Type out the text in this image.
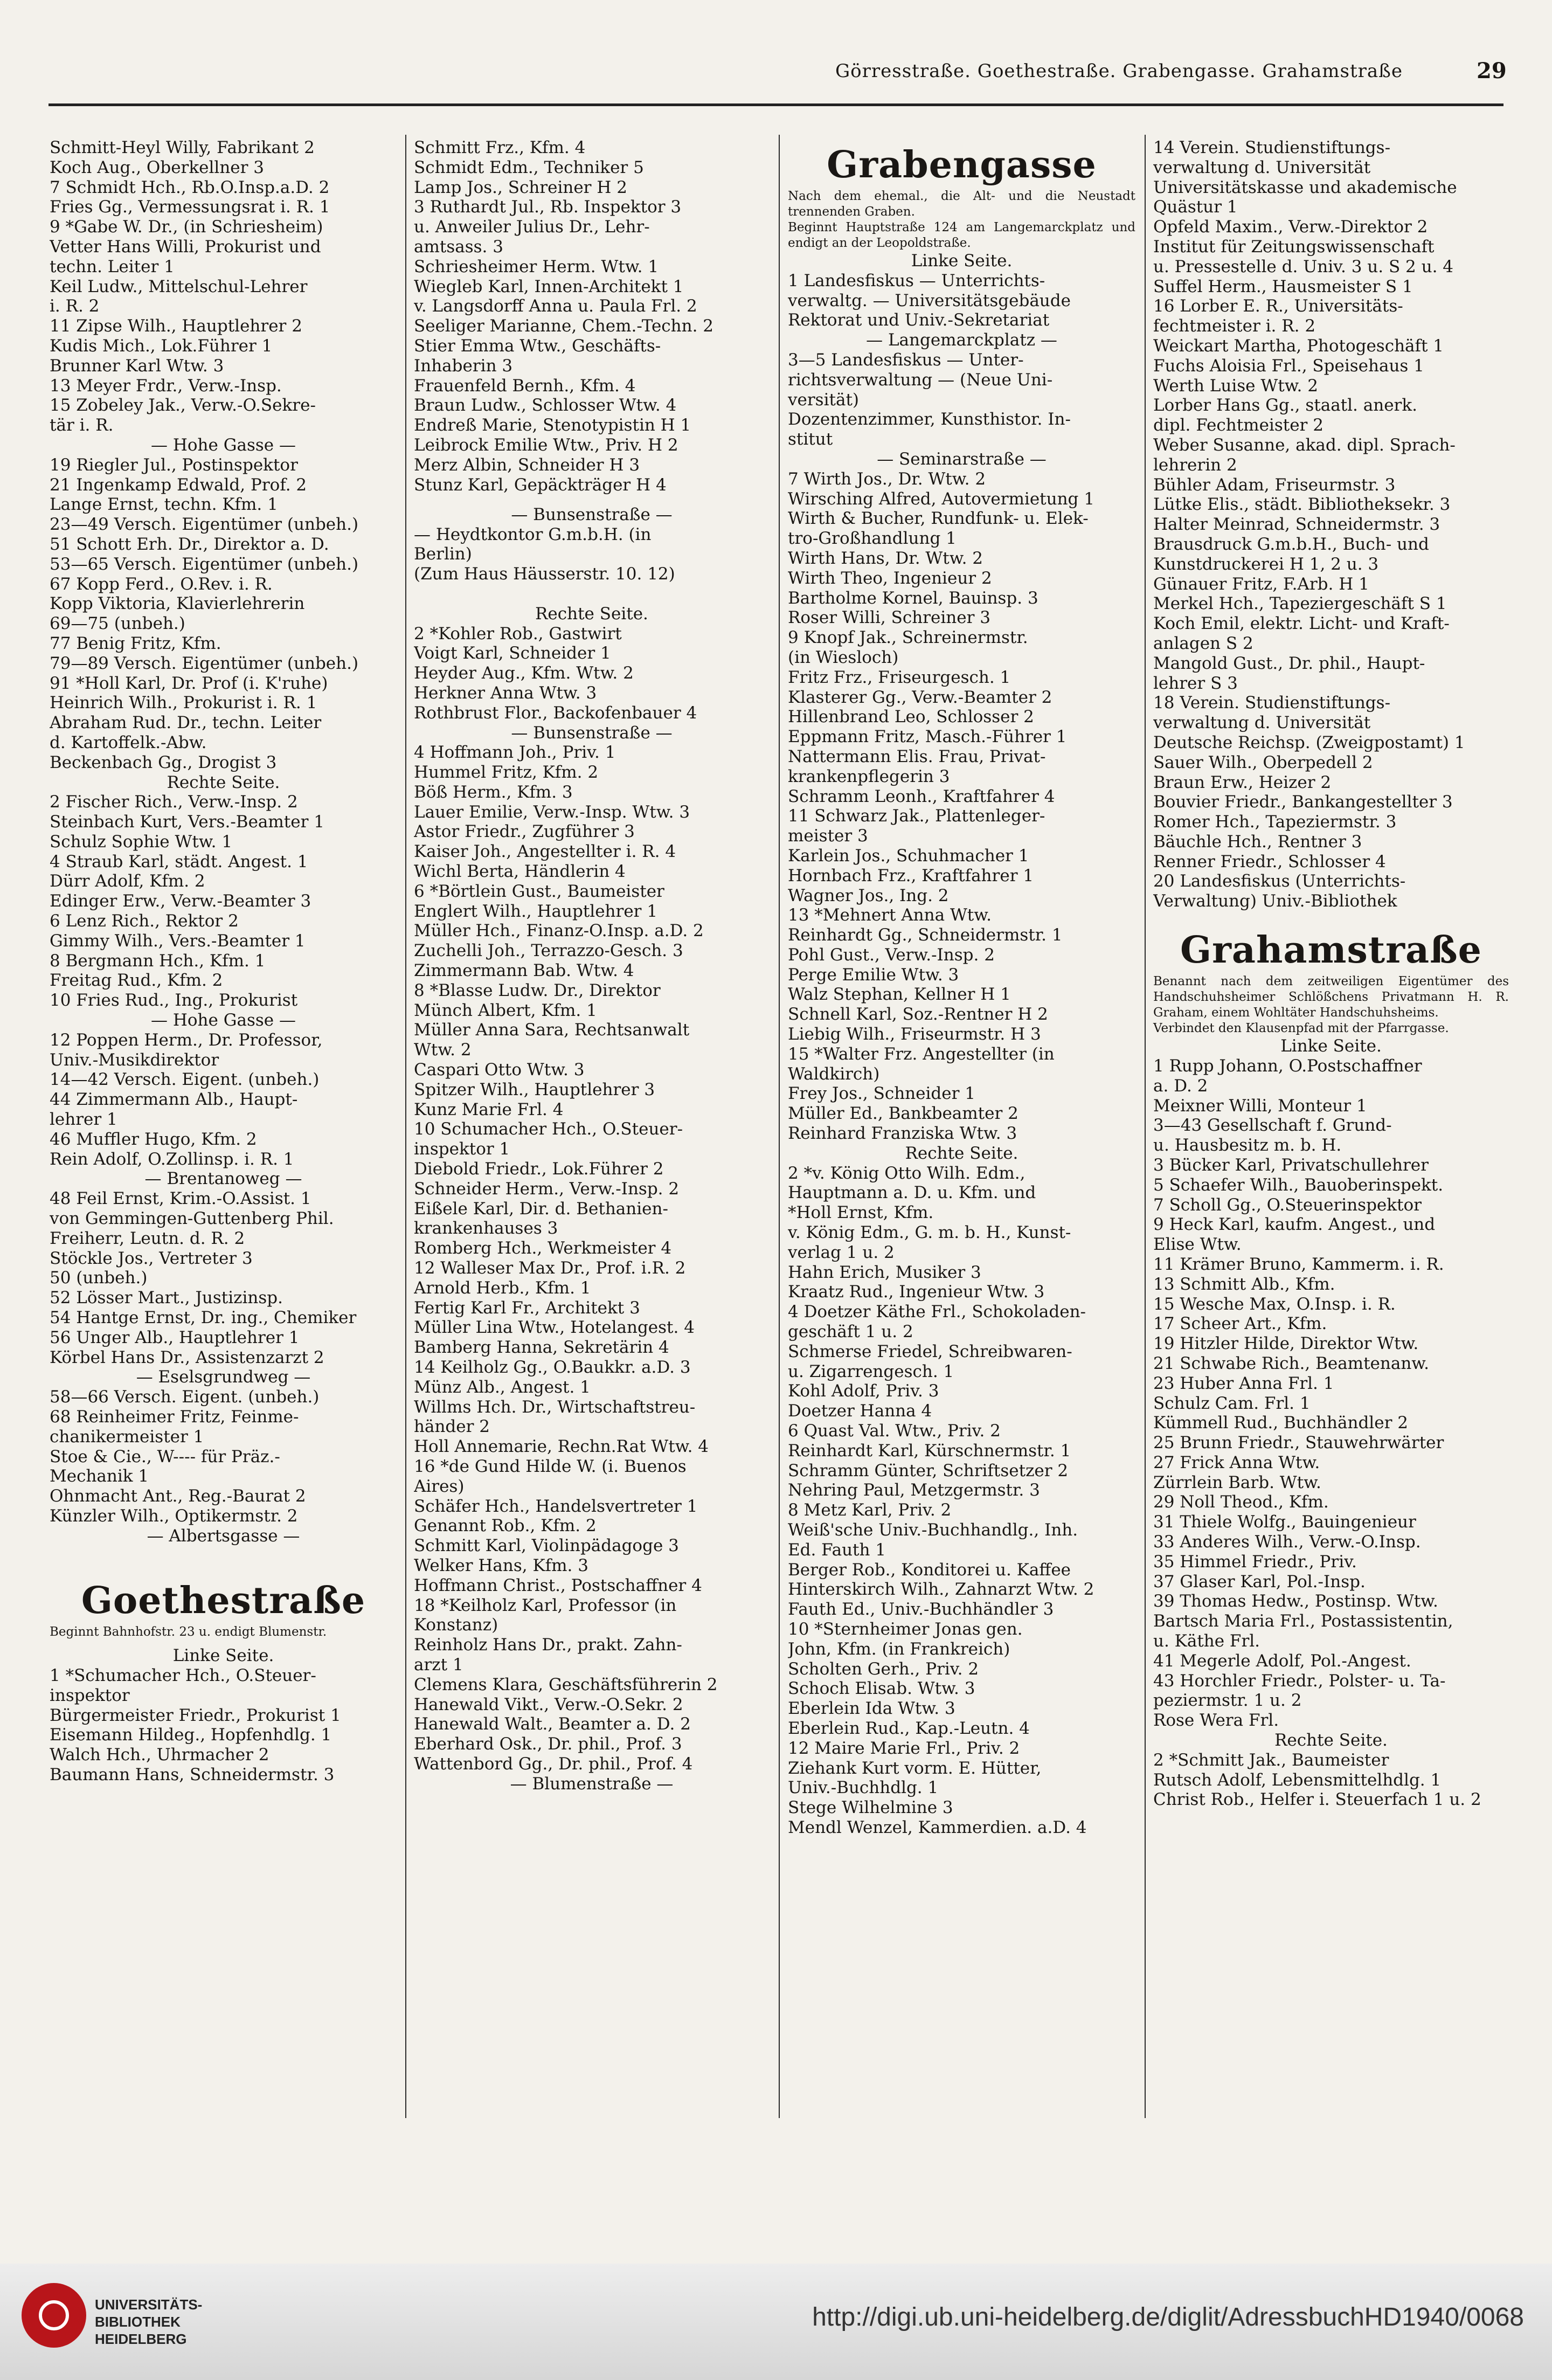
Görresstraße. Goethestraße. Grabengasse. Grahamstraße	29
Schmitt-Heyl Willy, Fabrikant 2
Koch Aug., Oberkellner 3
7 Schmidt Hch., Rb.O.Insp.a.D. 2
Fries Gg., Vermessungsrat i. R. 1
9 *Gabe W. Dr., (in Schriesheim)
Vetter Hans Willi, Prokurist und
techn. Leiter 1
Keil Ludw., Mittelschul-Lehrer
i. R. 2
11 Zipse Wilh., Hauptlehrer 2
Kudis Mich., Lok.Führer 1
Brunner Karl Wtw. 3
13 Meyer Frdr., Verw.-Insp.
15 Zobeley Jak., Verw.-O.Sekre-
tär i. R.
— Hohe Gasse —
19 Riegler Jul., Postinspektor
21 Ingenkamp Edwald, Prof. 2
Lange Ernst, techn. Kfm. 1
23—49 Versch. Eigentümer (unbeh.)
51 Schott Erh. Dr., Direktor a. D.
53—65 Versch. Eigentümer (unbeh.)
67 Kopp Ferd., O.Rev. i. R.
Kopp Viktoria, Klavierlehrerin
69—75 (unbeh.)
77 Benig Fritz, Kfm.
79—89 Versch. Eigentümer (unbeh.)
91 *Holl Karl, Dr. Prof (i. K'ruhe)
Heinrich Wilh., Prokurist i. R. 1
Abraham Rud. Dr., techn. Leiter
d. Kartoffelk.-Abw.
Beckenbach Gg., Drogist 3
Rechte Seite.
2 Fischer Rich., Verw.-Insp. 2
Steinbach Kurt, Vers.-Beamter 1
Schulz Sophie Wtw. 1
4 Straub Karl, städt. Angest. 1
Dürr Adolf, Kfm. 2
Edinger Erw., Verw.-Beamter 3
6 Lenz Rich., Rektor 2
Gimmy Wilh., Vers.-Beamter 1
8 Bergmann Hch., Kfm. 1
Freitag Rud., Kfm. 2
10 Fries Rud., Ing., Prokurist
— Hohe Gasse —
12 Poppen Herm., Dr. Professor,
Univ.-Musikdirektor
14—42 Versch. Eigent. (unbeh.)
44 Zimmermann Alb., Haupt-
lehrer 1
46 Muffler Hugo, Kfm. 2
Rein Adolf, O.Zollinsp. i. R. 1
— Brentanoweg —
48 Feil Ernst, Krim.-O.Assist. 1
von Gemmingen-Guttenberg Phil.
Freiherr, Leutn. d. R. 2
Stöckle Jos., Vertreter 3
50 (unbeh.)
52 Lösser Mart., Justizinsp.
54 Hantge Ernst, Dr. ing., Chemiker
56 Unger Alb., Hauptlehrer 1
Körbel Hans Dr., Assistenzarzt 2
— Eselsgrundweg —
58—66 Versch. Eigent. (unbeh.)
68 Reinheimer Fritz, Feinme-
chanikermeister 1
Stoe & Cie., W---- für Präz.-
Mechanik 1
Ohnmacht Ant., Reg.-Baurat 2
Künzler Wilh., Optikermstr. 2
— Albertsgasse —
Goethestraße
Beginnt Bahnhofstr. 23 u. endigt Blumenstr.
Linke Seite.
1 *Schumacher Hch., O.Steuer-
inspektor
Bürgermeister Friedr., Prokurist 1
Eisemann Hildeg., Hopfenhdlg. 1
Walch Hch., Uhrmacher 2
Baumann Hans, Schneidermstr. 3
Schmitt Frz., Kfm. 4
Schmidt Edm., Techniker 5
Lamp Jos., Schreiner H 2
3 Ruthardt Jul., Rb. Inspektor 3
u. Anweiler Julius Dr., Lehr-
amtsass. 3
Schriesheimer Herm. Wtw. 1
Wiegleb Karl, Innen-Architekt 1
v. Langsdorff Anna u. Paula Frl. 2
Seeliger Marianne, Chem.-Techn. 2
Stier Emma Wtw., Geschäfts-
Inhaberin 3
Frauenfeld Bernh., Kfm. 4
Braun Ludw., Schlosser Wtw. 4
Endreß Marie, Stenotypistin H 1
Leibrock Emilie Wtw., Priv. H 2
Merz Albin, Schneider H 3
Stunz Karl, Gepäckträger H 4
— Bunsenstraße —
— Heydtkontor G.m.b.H. (in
Berlin)
(Zum Haus Häusserstr. 10. 12)
Rechte Seite.
2 *Kohler Rob., Gastwirt
Voigt Karl, Schneider 1
Heyder Aug., Kfm. Wtw. 2
Herkner Anna Wtw. 3
Rothbrust Flor., Backofenbauer 4
— Bunsenstraße —
4 Hoffmann Joh., Priv. 1
Hummel Fritz, Kfm. 2
Böß Herm., Kfm. 3
Lauer Emilie, Verw.-Insp. Wtw. 3
Astor Friedr., Zugführer 3
Kaiser Joh., Angestellter i. R. 4
Wichl Berta, Händlerin 4
6 *Börtlein Gust., Baumeister
Englert Wilh., Hauptlehrer 1
Müller Hch., Finanz-O.Insp. a.D. 2
Zuchelli Joh., Terrazzo-Gesch. 3
Zimmermann Bab. Wtw. 4
8 *Blasse Ludw. Dr., Direktor
Münch Albert, Kfm. 1
Müller Anna Sara, Rechtsanwalt
Wtw. 2
Caspari Otto Wtw. 3
Spitzer Wilh., Hauptlehrer 3
Kunz Marie Frl. 4
10 Schumacher Hch., O.Steuer-
inspektor 1
Diebold Friedr., Lok.Führer 2
Schneider Herm., Verw.-Insp. 2
Eißele Karl, Dir. d. Bethanien-
krankenhauses 3
Romberg Hch., Werkmeister 4
12 Walleser Max Dr., Prof. i.R. 2
Arnold Herb., Kfm. 1
Fertig Karl Fr., Architekt 3
Müller Lina Wtw., Hotelangest. 4
Bamberg Hanna, Sekretärin 4
14 Keilholz Gg., O.Baukkr. a.D. 3
Münz Alb., Angest. 1
Willms Hch. Dr., Wirtschaftstreu-
händer 2
Holl Annemarie, Rechn.Rat Wtw. 4
16 *de Gund Hilde W. (i. Buenos
Aires)
Schäfer Hch., Handelsvertreter 1
Genannt Rob., Kfm. 2
Schmitt Karl, Violinpädagoge 3
Welker Hans, Kfm. 3
Hoffmann Christ., Postschaffner 4
18 *Keilholz Karl, Professor (in
Konstanz)
Reinholz Hans Dr., prakt. Zahn-
arzt 1
Clemens Klara, Geschäftsführerin 2
Hanewald Vikt., Verw.-O.Sekr. 2
Hanewald Walt., Beamter a. D. 2
Eberhard Osk., Dr. phil., Prof. 3
Wattenbord Gg., Dr. phil., Prof. 4
— Blumenstraße —
Grabengasse
Nach dem ehemal., die Alt- und die Neustadt trennenden Graben.
Beginnt Hauptstraße 124 am Langemarckplatz und endigt an der Leopoldstraße.
Linke Seite.
1 Landesfiskus — Unterrichts-
verwaltg. — Universitätsgebäude
Rektorat und Univ.-Sekretariat
— Langemarckplatz —
3—5 Landesfiskus — Unter-
richtsverwaltung — (Neue Uni-
versität)
Dozentenzimmer, Kunsthistor. In-
stitut
— Seminarstraße —
7 Wirth Jos., Dr. Wtw. 2
Wirsching Alfred, Autovermietung 1
Wirth & Bucher, Rundfunk- u. Elek-
tro-Großhandlung 1
Wirth Hans, Dr. Wtw. 2
Wirth Theo, Ingenieur 2
Bartholme Kornel, Bauinsp. 3
Roser Willi, Schreiner 3
9 Knopf Jak., Schreinermstr.
(in Wiesloch)
Fritz Frz., Friseurgesch. 1
Klasterer Gg., Verw.-Beamter 2
Hillenbrand Leo, Schlosser 2
Eppmann Fritz, Masch.-Führer 1
Nattermann Elis. Frau, Privat-
krankenpflegerin 3
Schramm Leonh., Kraftfahrer 4
11 Schwarz Jak., Plattenleger-
meister 3
Karlein Jos., Schuhmacher 1
Hornbach Frz., Kraftfahrer 1
Wagner Jos., Ing. 2
13 *Mehnert Anna Wtw.
Reinhardt Gg., Schneidermstr. 1
Pohl Gust., Verw.-Insp. 2
Perge Emilie Wtw. 3
Walz Stephan, Kellner H 1
Schnell Karl, Soz.-Rentner H 2
Liebig Wilh., Friseurmstr. H 3
15 *Walter Frz. Angestellter (in
Waldkirch)
Frey Jos., Schneider 1
Müller Ed., Bankbeamter 2
Reinhard Franziska Wtw. 3
Rechte Seite.
2 *v. König Otto Wilh. Edm.,
Hauptmann a. D. u. Kfm. und
*Holl Ernst, Kfm.
v. König Edm., G. m. b. H., Kunst-
verlag 1 u. 2
Hahn Erich, Musiker 3
Kraatz Rud., Ingenieur Wtw. 3
4 Doetzer Käthe Frl., Schokoladen-
geschäft 1 u. 2
Schmerse Friedel, Schreibwaren-
u. Zigarrengesch. 1
Kohl Adolf, Priv. 3
Doetzer Hanna 4
6 Quast Val. Wtw., Priv. 2
Reinhardt Karl, Kürschnermstr. 1
Schramm Günter, Schriftsetzer 2
Nehring Paul, Metzgermstr. 3
8 Metz Karl, Priv. 2
Weiß'sche Univ.-Buchhandlg., Inh.
Ed. Fauth 1
Berger Rob., Konditorei u. Kaffee
Hinterskirch Wilh., Zahnarzt Wtw. 2
Fauth Ed., Univ.-Buchhändler 3
10 *Sternheimer Jonas gen.
John, Kfm. (in Frankreich)
Scholten Gerh., Priv. 2
Schoch Elisab. Wtw. 3
Eberlein Ida Wtw. 3
Eberlein Rud., Kap.-Leutn. 4
12 Maire Marie Frl., Priv. 2
Ziehank Kurt vorm. E. Hütter,
Univ.-Buchhdlg. 1
Stege Wilhelmine 3
Mendl Wenzel, Kammerdien. a.D. 4
14 Verein. Studienstiftungs-
verwaltung d. Universität
Universitätskasse und akademische
Quästur 1
Opfeld Maxim., Verw.-Direktor 2
Institut für Zeitungswissenschaft
u. Pressestelle d. Univ. 3 u. S 2 u. 4
Suffel Herm., Hausmeister S 1
16 Lorber E. R., Universitäts-
fechtmeister i. R. 2
Weickart Martha, Photogeschäft 1
Fuchs Aloisia Frl., Speisehaus 1
Werth Luise Wtw. 2
Lorber Hans Gg., staatl. anerk.
dipl. Fechtmeister 2
Weber Susanne, akad. dipl. Sprach-
lehrerin 2
Bühler Adam, Friseurmstr. 3
Lütke Elis., städt. Bibliotheksekr. 3
Halter Meinrad, Schneidermstr. 3
Brausdruck G.m.b.H., Buch- und
Kunstdruckerei H 1, 2 u. 3
Günauer Fritz, F.Arb. H 1
Merkel Hch., Tapeziergeschäft S 1
Koch Emil, elektr. Licht- und Kraft-
anlagen S 2
Mangold Gust., Dr. phil., Haupt-
lehrer S 3
18 Verein. Studienstiftungs-
verwaltung d. Universität
Deutsche Reichsp. (Zweigpostamt) 1
Sauer Wilh., Oberpedell 2
Braun Erw., Heizer 2
Bouvier Friedr., Bankangestellter 3
Romer Hch., Tapeziermstr. 3
Bäuchle Hch., Rentner 3
Renner Friedr., Schlosser 4
20 Landesfiskus (Unterrichts-
Verwaltung) Univ.-Bibliothek
Grahamstraße
Benannt nach dem zeitweiligen Eigentümer des Handschuhsheimer Schlößchens Privatmann H. R. Graham, einem Wohltäter Handschuhsheims.
Verbindet den Klausenpfad mit der Pfarrgasse.
Linke Seite.
1 Rupp Johann, O.Postschaffner
a. D. 2
Meixner Willi, Monteur 1
3—43 Gesellschaft f. Grund-
u. Hausbesitz m. b. H.
3 Bücker Karl, Privatschullehrer
5 Schaefer Wilh., Bauoberinspekt.
7 Scholl Gg., O.Steuerinspektor
9 Heck Karl, kaufm. Angest., und
Elise Wtw.
11 Krämer Bruno, Kammerm. i. R.
13 Schmitt Alb., Kfm.
15 Wesche Max, O.Insp. i. R.
17 Scheer Art., Kfm.
19 Hitzler Hilde, Direktor Wtw.
21 Schwabe Rich., Beamtenanw.
23 Huber Anna Frl. 1
Schulz Cam. Frl. 1
Kümmell Rud., Buchhändler 2
25 Brunn Friedr., Stauwehrwärter
27 Frick Anna Wtw.
Zürrlein Barb. Wtw.
29 Noll Theod., Kfm.
31 Thiele Wolfg., Bauingenieur
33 Anderes Wilh., Verw.-O.Insp.
35 Himmel Friedr., Priv.
37 Glaser Karl, Pol.-Insp.
39 Thomas Hedw., Postinsp. Wtw.
Bartsch Maria Frl., Postassistentin,
u. Käthe Frl.
41 Megerle Adolf, Pol.-Angest.
43 Horchler Friedr., Polster- u. Ta-
peziermstr. 1 u. 2
Rose Wera Frl.
Rechte Seite.
2 *Schmitt Jak., Baumeister
Rutsch Adolf, Lebensmittelhdlg. 1
Christ Rob., Helfer i. Steuerfach 1 u. 2
UNIVERSITÄTS-
BIBLIOTHEK
HEIDELBERG
http://digi.ub.uni-heidelberg.de/diglit/AdressbuchHD1940/0068
